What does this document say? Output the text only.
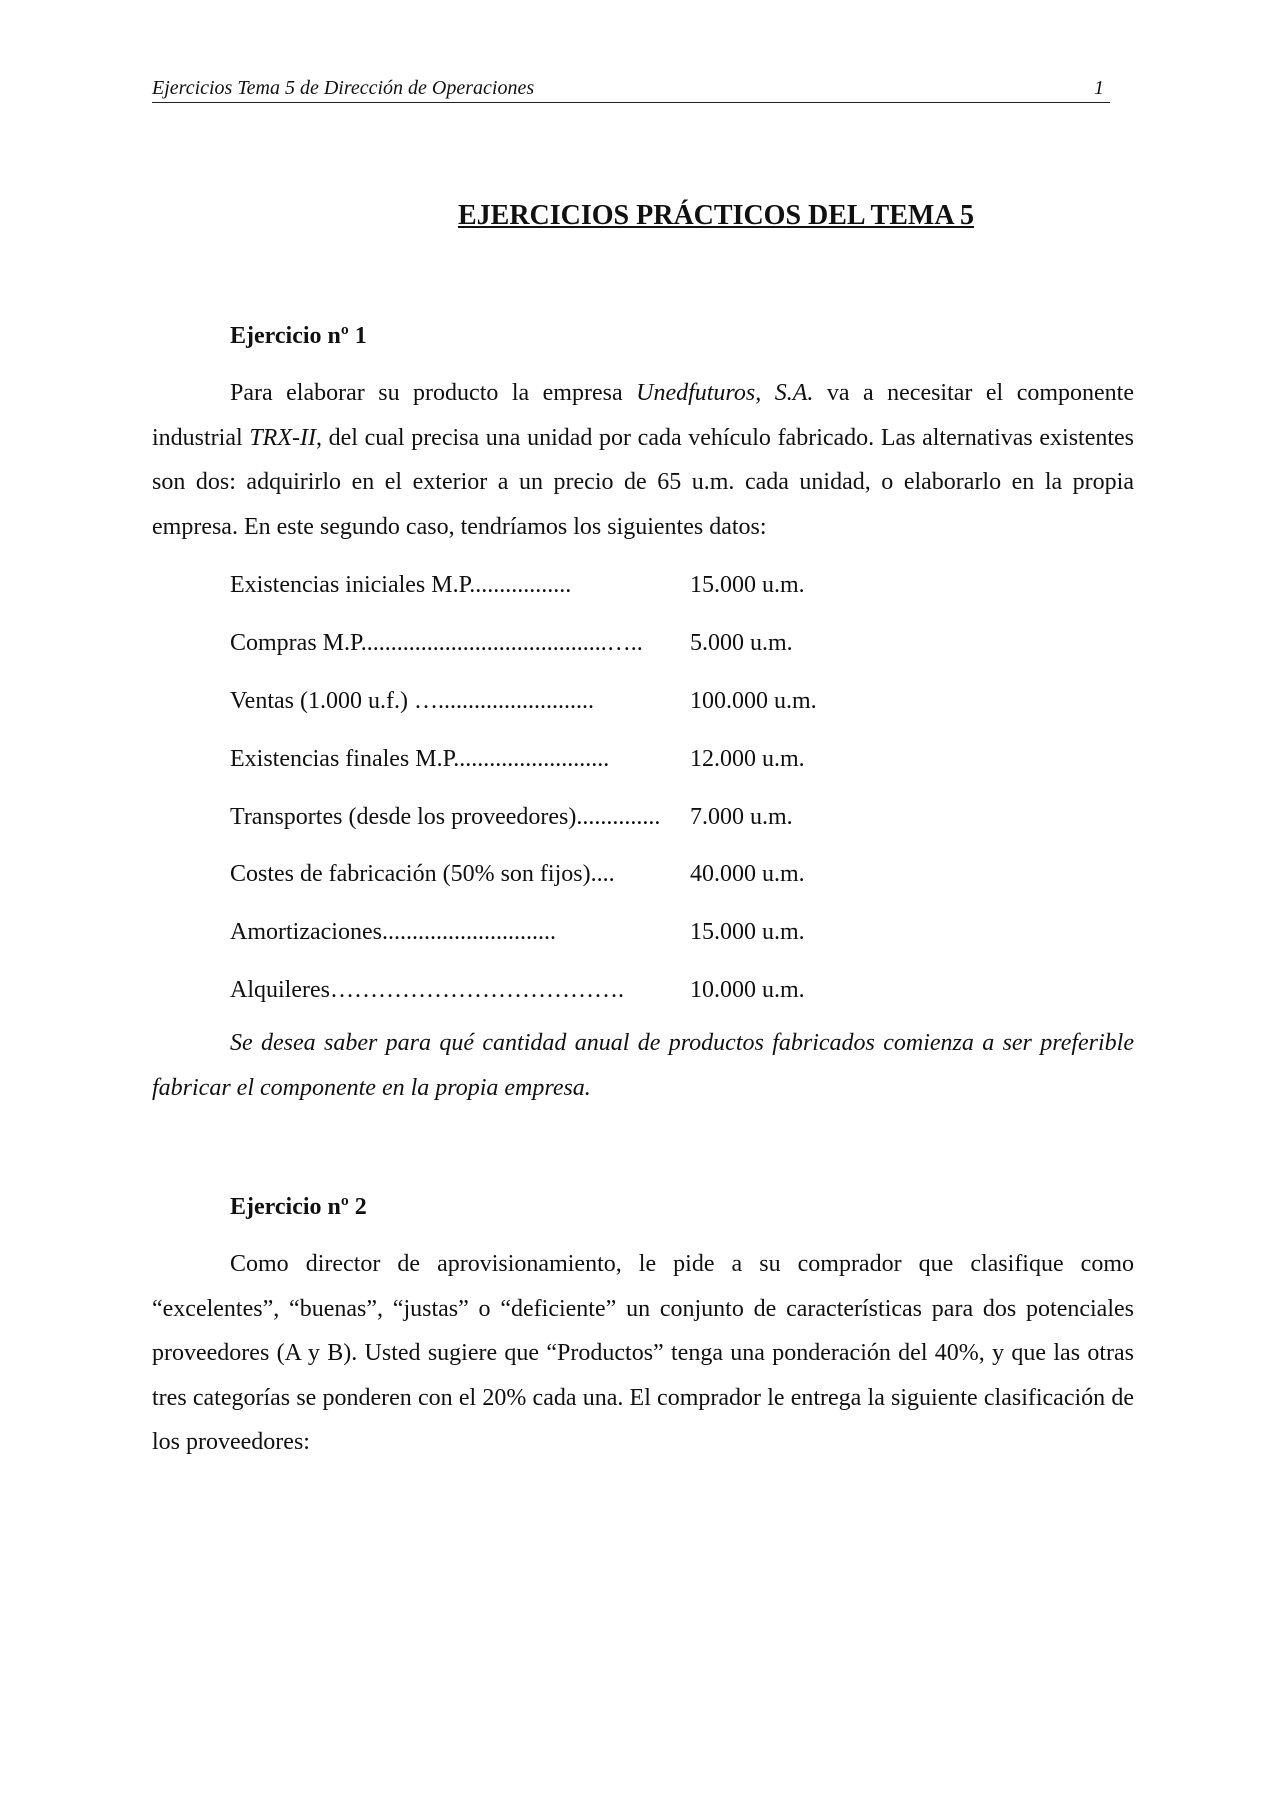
Ejercicios Tema 5 de Dirección de Operaciones	1
EJERCICIOS PRÁCTICOS DEL TEMA 5
Ejercicio nº 1

Para elaborar su producto la empresa Unedfuturos, S.A. va a necesitar el componente industrial TRX-II, del cual precisa una unidad por cada vehículo fabricado. Las alternativas existentes son dos: adquirirlo en el exterior a un precio de 65 u.m. cada unidad, o elaborarlo en la propia empresa. En este segundo caso, tendríamos los siguientes datos:

Existencias iniciales M.P.................	15.000 u.m.
Compras M.P.........................................…..	5.000 u.m.
Ventas (1.000 u.f.) …..........................	100.000 u.m.
Existencias finales M.P..........................	12.000 u.m.
Transportes (desde los proveedores)..............	7.000 u.m.
Costes de fabricación (50% son fijos)....	40.000 u.m.
Amortizaciones.............................	15.000 u.m.
Alquileres……………………………….	10.000 u.m.

Se desea saber para qué cantidad anual de productos fabricados comienza a ser preferible fabricar el componente en la propia empresa.

Ejercicio nº 2

Como director de aprovisionamiento, le pide a su comprador que clasifique como “excelentes”, “buenas”, “justas” o “deficiente” un conjunto de características para dos potenciales proveedores (A y B). Usted sugiere que “Productos” tenga una ponderación del 40%, y que las otras tres categorías se ponderen con el 20% cada una. El comprador le entrega la siguiente clasificación de los proveedores:
